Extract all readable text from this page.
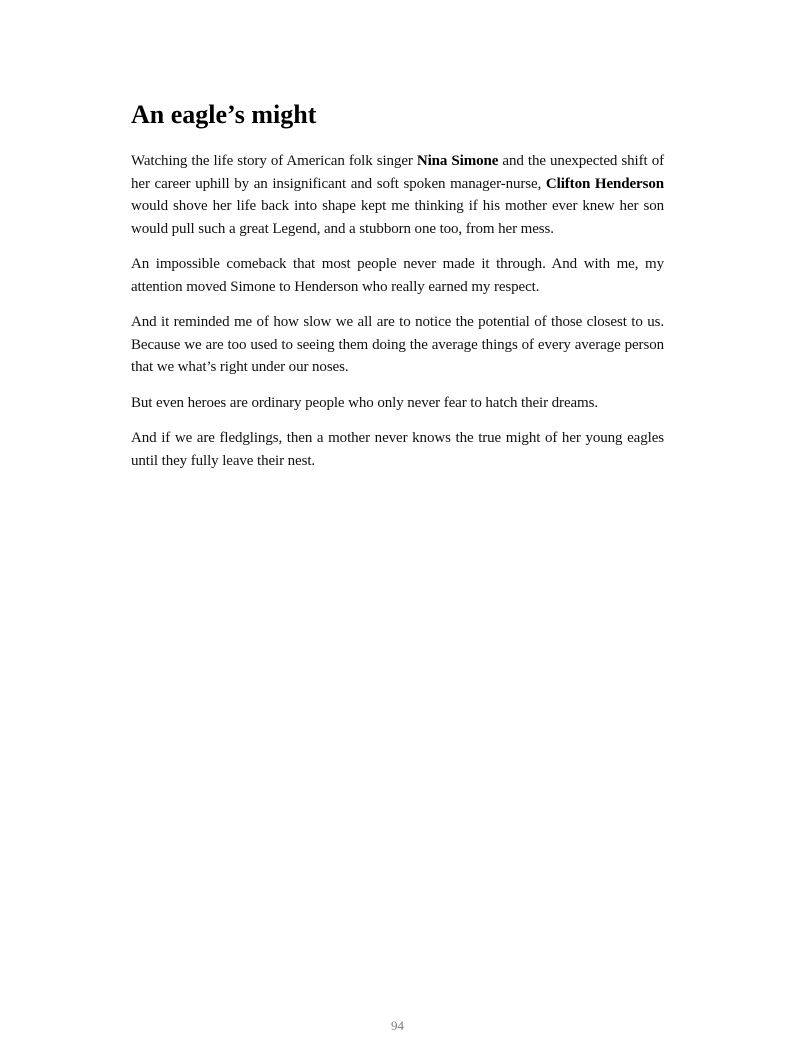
An eagle’s might

Watching the life story of American folk singer Nina Simone and the unexpected shift of her career uphill by an insignificant and soft spoken manager-nurse, Clifton Henderson would shove her life back into shape kept me thinking if his mother ever knew her son would pull such a great Legend, and a stubborn one too, from her mess.

An impossible comeback that most people never made it through. And with me, my attention moved Simone to Henderson who really earned my respect.

And it reminded me of how slow we all are to notice the potential of those closest to us. Because we are too used to seeing them doing the average things of every average person that we what’s right under our noses.

But even heroes are ordinary people who only never fear to hatch their dreams.

And if we are fledglings, then a mother never knows the true might of her young eagles until they fully leave their nest.

94
